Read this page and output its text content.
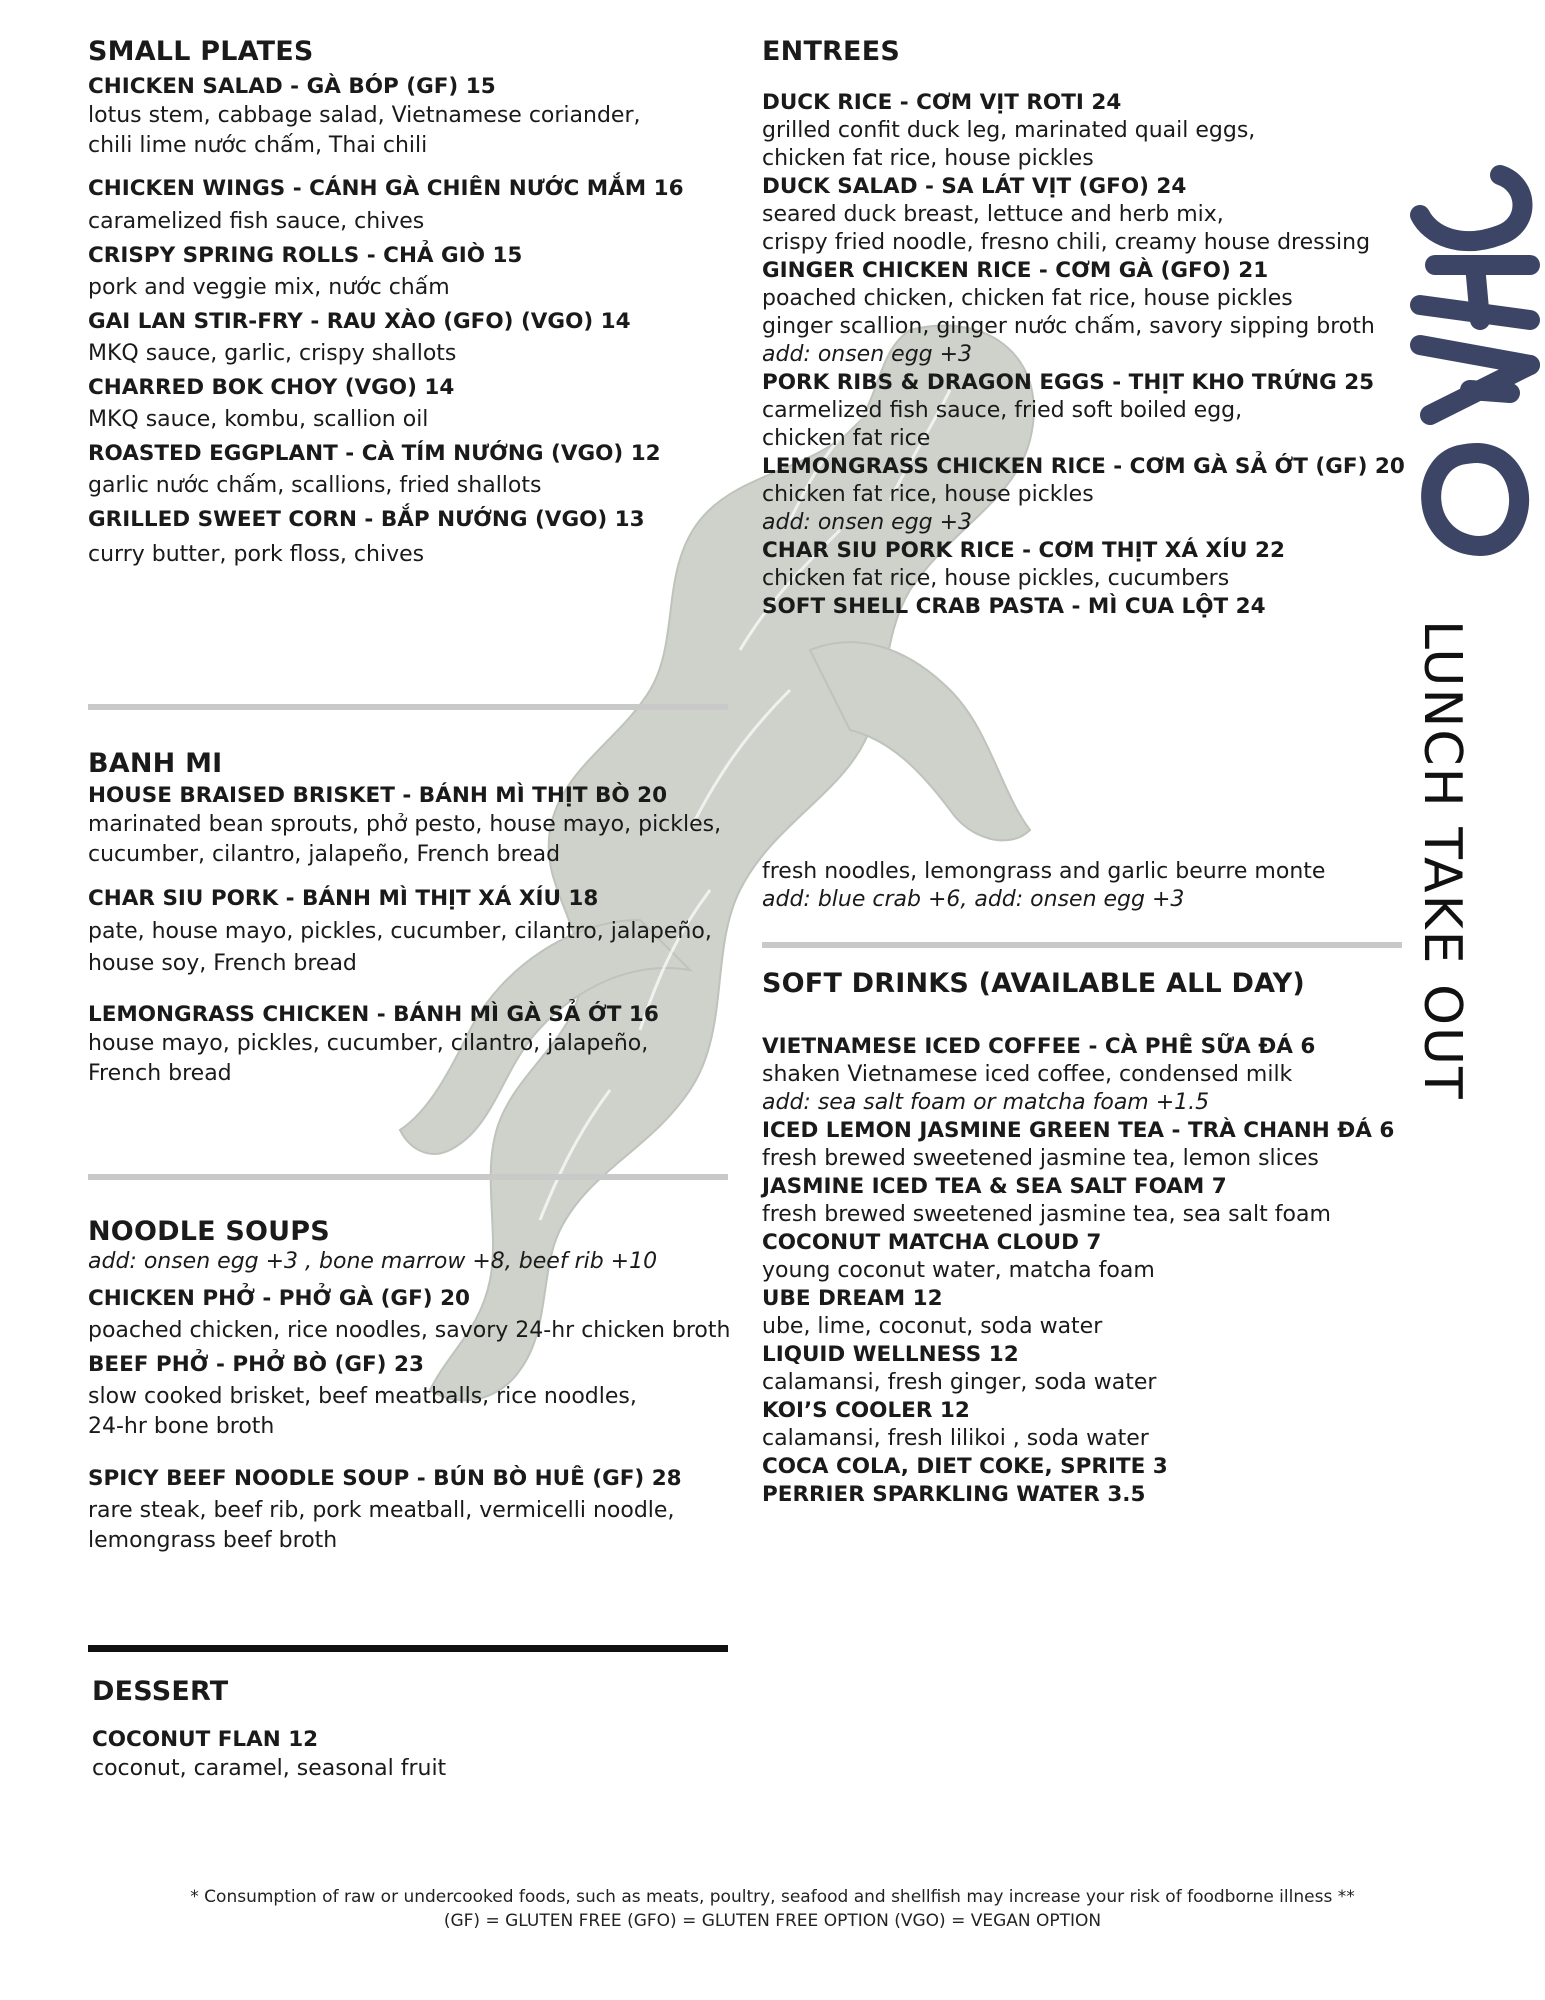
LUNCH TAKE OUT
SMALL PLATES
CHICKEN SALAD - GÀ BÓP (GF) 15
lotus stem, cabbage salad, Vietnamese coriander,
chili lime nước chấm, Thai chili
CHICKEN WINGS - CÁNH GÀ CHIÊN NƯỚC MẮM 16
caramelized fish sauce, chives
CRISPY SPRING ROLLS - CHẢ GIÒ 15
pork and veggie mix, nước chấm
GAI LAN STIR-FRY - RAU XÀO (GFO) (VGO) 14
MKQ sauce, garlic, crispy shallots
CHARRED BOK CHOY (VGO) 14
MKQ sauce, kombu, scallion oil
ROASTED EGGPLANT - CÀ TÍM NƯỚNG (VGO) 12
garlic nước chấm, scallions, fried shallots
GRILLED SWEET CORN - BẮP NƯỚNG (VGO) 13
curry butter, pork floss, chives
BANH MI
HOUSE BRAISED BRISKET - BÁNH MÌ THỊT BÒ 20
marinated bean sprouts, phở pesto, house mayo, pickles,
cucumber, cilantro, jalapeño, French bread
CHAR SIU PORK - BÁNH MÌ THỊT XÁ XÍU 18
pate, house mayo, pickles, cucumber, cilantro, jalapeño,
house soy, French bread
LEMONGRASS CHICKEN - BÁNH MÌ GÀ SẢ ỚT 16
house mayo, pickles, cucumber, cilantro, jalapeño,
French bread
NOODLE SOUPS
add: onsen egg +3 , bone marrow +8, beef rib +10
CHICKEN PHỞ - PHỞ GÀ (GF) 20
poached chicken, rice noodles, savory 24-hr chicken broth
BEEF PHỞ - PHỞ BÒ (GF) 23
slow cooked brisket, beef meatballs, rice noodles,
24-hr bone broth
SPICY BEEF NOODLE SOUP - BÚN BÒ HUÊ (GF) 28
rare steak, beef rib, pork meatball, vermicelli noodle,
lemongrass beef broth
DESSERT
COCONUT FLAN 12
coconut, caramel, seasonal fruit
ENTREES
DUCK RICE - CƠM VỊT ROTI 24
grilled confit duck leg, marinated quail eggs,
chicken fat rice, house pickles
DUCK SALAD - SA LÁT VỊT (GFO) 24
seared duck breast, lettuce and herb mix,
crispy fried noodle, fresno chili, creamy house dressing
GINGER CHICKEN RICE - CƠM GÀ (GFO) 21
poached chicken, chicken fat rice, house pickles
ginger scallion, ginger nước chấm, savory sipping broth
add: onsen egg +3
PORK RIBS & DRAGON EGGS - THỊT KHO TRỨNG 25
carmelized fish sauce, fried soft boiled egg,
chicken fat rice
LEMONGRASS CHICKEN RICE - CƠM GÀ SẢ ỚT (GF) 20
chicken fat rice, house pickles
add: onsen egg +3
CHAR SIU PORK RICE - CƠM THỊT XÁ XÍU 22
chicken fat rice, house pickles, cucumbers
SOFT SHELL CRAB PASTA - MÌ CUA LỘT 24
fresh noodles, lemongrass and garlic beurre monte
add: blue crab +6, add: onsen egg +3
SOFT DRINKS (AVAILABLE ALL DAY)
VIETNAMESE ICED COFFEE - CÀ PHÊ SỮA ĐÁ 6
shaken Vietnamese iced coffee, condensed milk
add: sea salt foam or matcha foam +1.5
ICED LEMON JASMINE GREEN TEA - TRÀ CHANH ĐÁ 6
fresh brewed sweetened jasmine tea, lemon slices
JASMINE ICED TEA & SEA SALT FOAM 7
fresh brewed sweetened jasmine tea, sea salt foam
COCONUT MATCHA CLOUD 7
young coconut water, matcha foam
UBE DREAM 12
ube, lime, coconut, soda water
LIQUID WELLNESS 12
calamansi, fresh ginger, soda water
KOI’S COOLER 12
calamansi, fresh lilikoi , soda water
COCA COLA, DIET COKE, SPRITE 3
PERRIER SPARKLING WATER 3.5
* Consumption of raw or undercooked foods, such as meats, poultry, seafood and shellfish may increase your risk of foodborne illness **
(GF) = GLUTEN FREE (GFO) = GLUTEN FREE OPTION (VGO) = VEGAN OPTION
